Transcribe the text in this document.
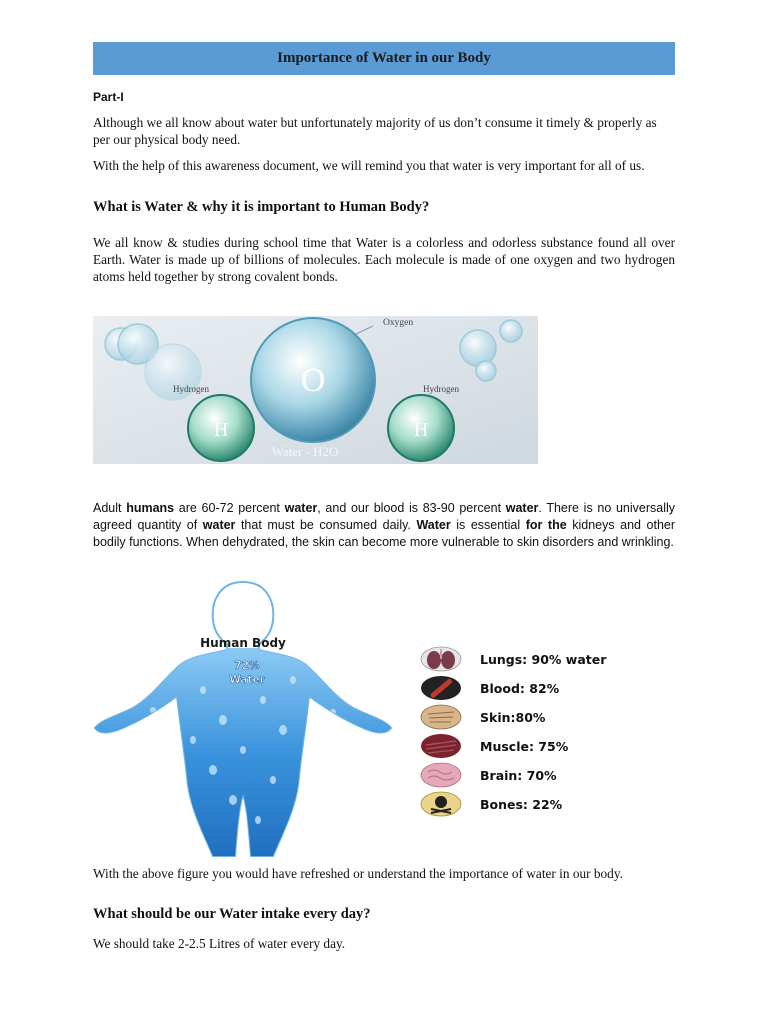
Importance of Water in our Body
Part-I
Although we all know about water but unfortunately majority of us don’t consume it timely & properly as per our physical body need.
With the help of this awareness document, we will remind you that water is very important for all of us.
What is Water & why it is important to Human Body?
We all know & studies during school time that Water is a colorless and odorless substance found all over Earth. Water is made up of billions of molecules. Each molecule is made of one oxygen and two hydrogen atoms held together by strong covalent bonds.
Oxygen
Hydrogen	Hydrogen
O
H	H
Water - H2O
Adult humans are 60-72 percent water, and our blood is 83-90 percent water. There is no universally agreed quantity of water that must be consumed daily. Water is essential for the kidneys and other bodily functions. When dehydrated, the skin can become more vulnerable to skin disorders and wrinkling.
Human Body
72%
Water
Lungs: 90% water
Blood: 82%
Skin:80%
Muscle: 75%
Brain: 70%
Bones: 22%
With the above figure you would have refreshed or understand the importance of water in our body.
What should be our Water intake every day?
We should take 2-2.5 Litres of water every day.
